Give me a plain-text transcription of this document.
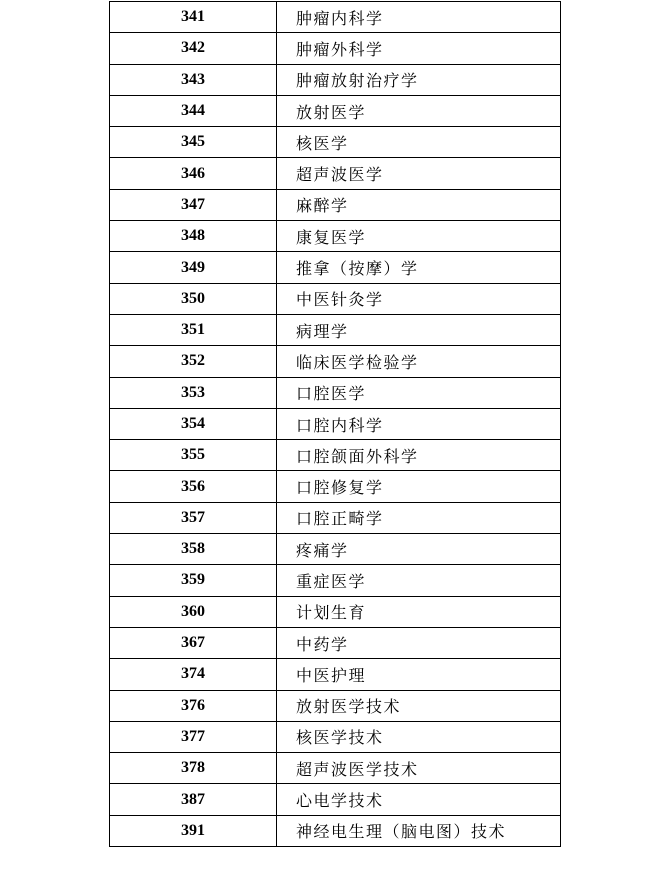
341	肿瘤内科学
342	肿瘤外科学
343	肿瘤放射治疗学
344	放射医学
345	核医学
346	超声波医学
347	麻醉学
348	康复医学
349	推拿（按摩）学
350	中医针灸学
351	病理学
352	临床医学检验学
353	口腔医学
354	口腔内科学
355	口腔颌面外科学
356	口腔修复学
357	口腔正畸学
358	疼痛学
359	重症医学
360	计划生育
367	中药学
374	中医护理
376	放射医学技术
377	核医学技术
378	超声波医学技术
387	心电学技术
391	神经电生理（脑电图）技术
